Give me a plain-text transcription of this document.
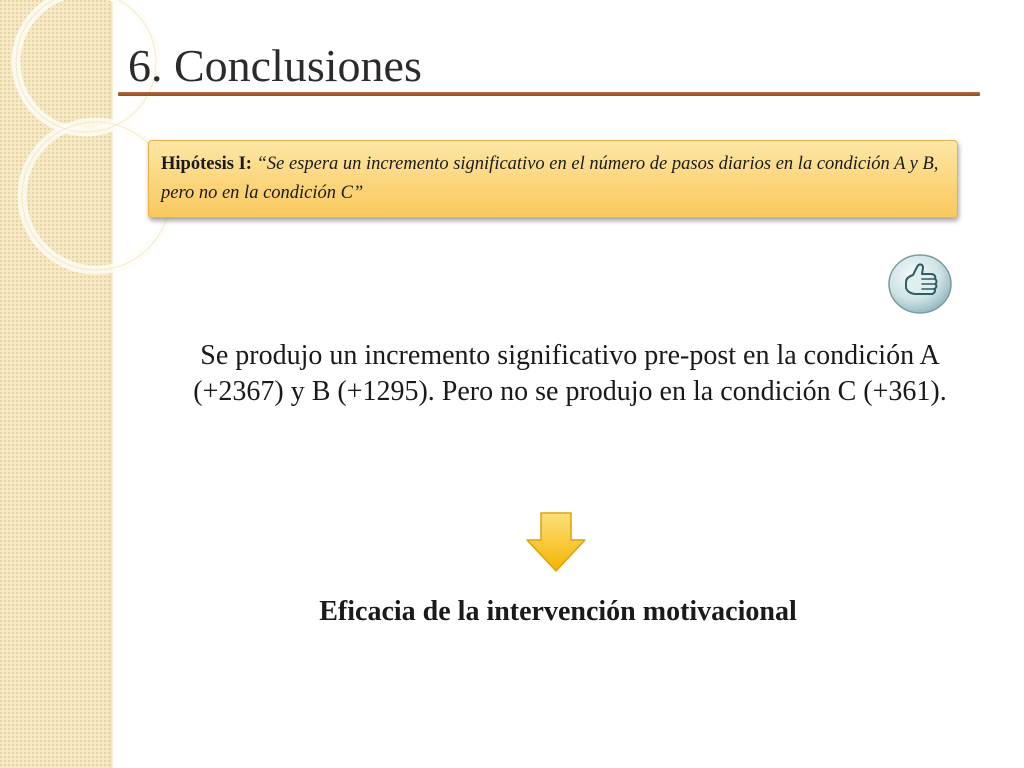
6. Conclusiones
Hipótesis I: “Se espera un incremento significativo en el número de pasos diarios en la condición A y B, pero no en la condición C”
Se produjo un incremento significativo pre-post en la condición A (+2367) y B (+1295). Pero no se produjo en la condición C (+361).
Eficacia de la intervención motivacional
